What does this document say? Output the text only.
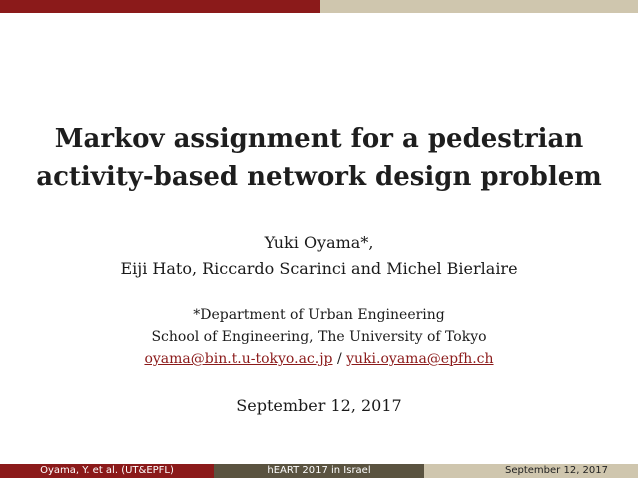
Markov assignment for a pedestrian
activity-based network design problem
Yuki Oyama*,
Eiji Hato, Riccardo Scarinci and Michel Bierlaire
*Department of Urban Engineering
School of Engineering, The University of Tokyo
oyama@bin.t.u-tokyo.ac.jp / yuki.oyama@epfh.ch
September 12, 2017
Oyama, Y. et al. (UT&EPFL)	hEART 2017 in Israel	September 12, 2017
